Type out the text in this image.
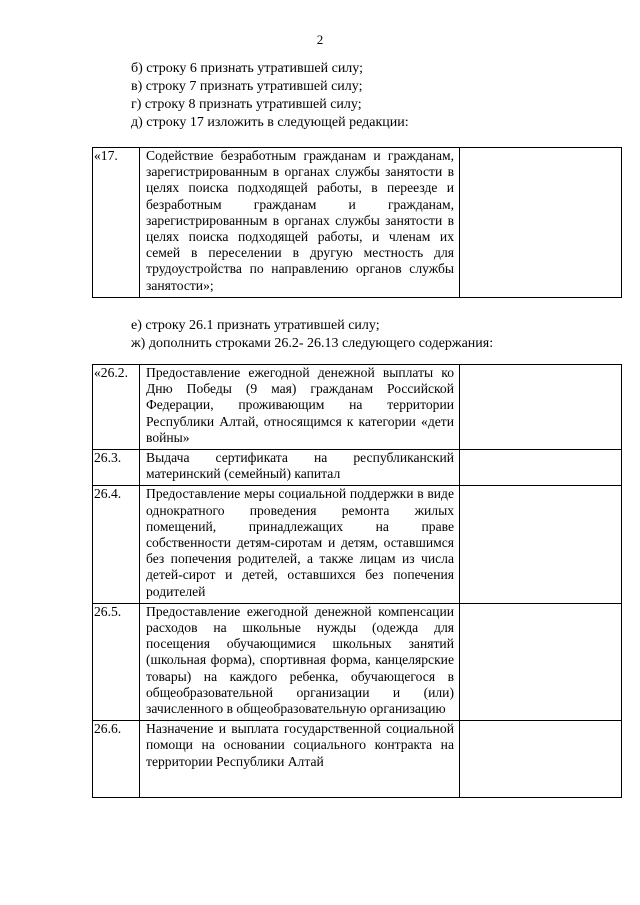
2
б) строку 6 признать утратившей силу;
в) строку 7 признать утратившей силу;
г) строку 8 признать утратившей силу;
д) строку 17 изложить в следующей редакции:
«17.	Содействие безработным гражданам и гражданам, зарегистрированным в органах службы занятости в целях поиска подходящей работы, в переезде и безработным гражданам и гражданам, зарегистрированным в органах службы занятости в целях поиска подходящей работы, и членам их семей в переселении в другую местность для трудоустройства по направлению органов службы занятости»;	
е) строку 26.1 признать утратившей силу;
ж) дополнить строками 26.2- 26.13 следующего содержания:
«26.2.	Предоставление ежегодной денежной выплаты ко Дню Победы (9 мая) гражданам Российской Федерации, проживающим на территории Республики Алтай, относящимся к категории «дети войны»	
26.3.	Выдача сертификата на республиканский материнский (семейный) капитал	
26.4.	Предоставление меры социальной поддержки в виде однократного проведения ремонта жилых помещений, принадлежащих на праве собственности детям-сиротам и детям, оставшимся без попечения родителей, а также лицам из числа детей-сирот и детей, оставшихся без попечения родителей	
26.5.	Предоставление ежегодной денежной компенсации расходов на школьные нужды (одежда для посещения обучающимися школьных занятий (школьная форма), спортивная форма, канцелярские товары) на каждого ребенка, обучающегося в общеобразовательной организации и (или) зачисленного в общеобразовательную организацию	
26.6.	Назначение и выплата государственной социальной помощи на основании социального контракта на территории Республики Алтай	
